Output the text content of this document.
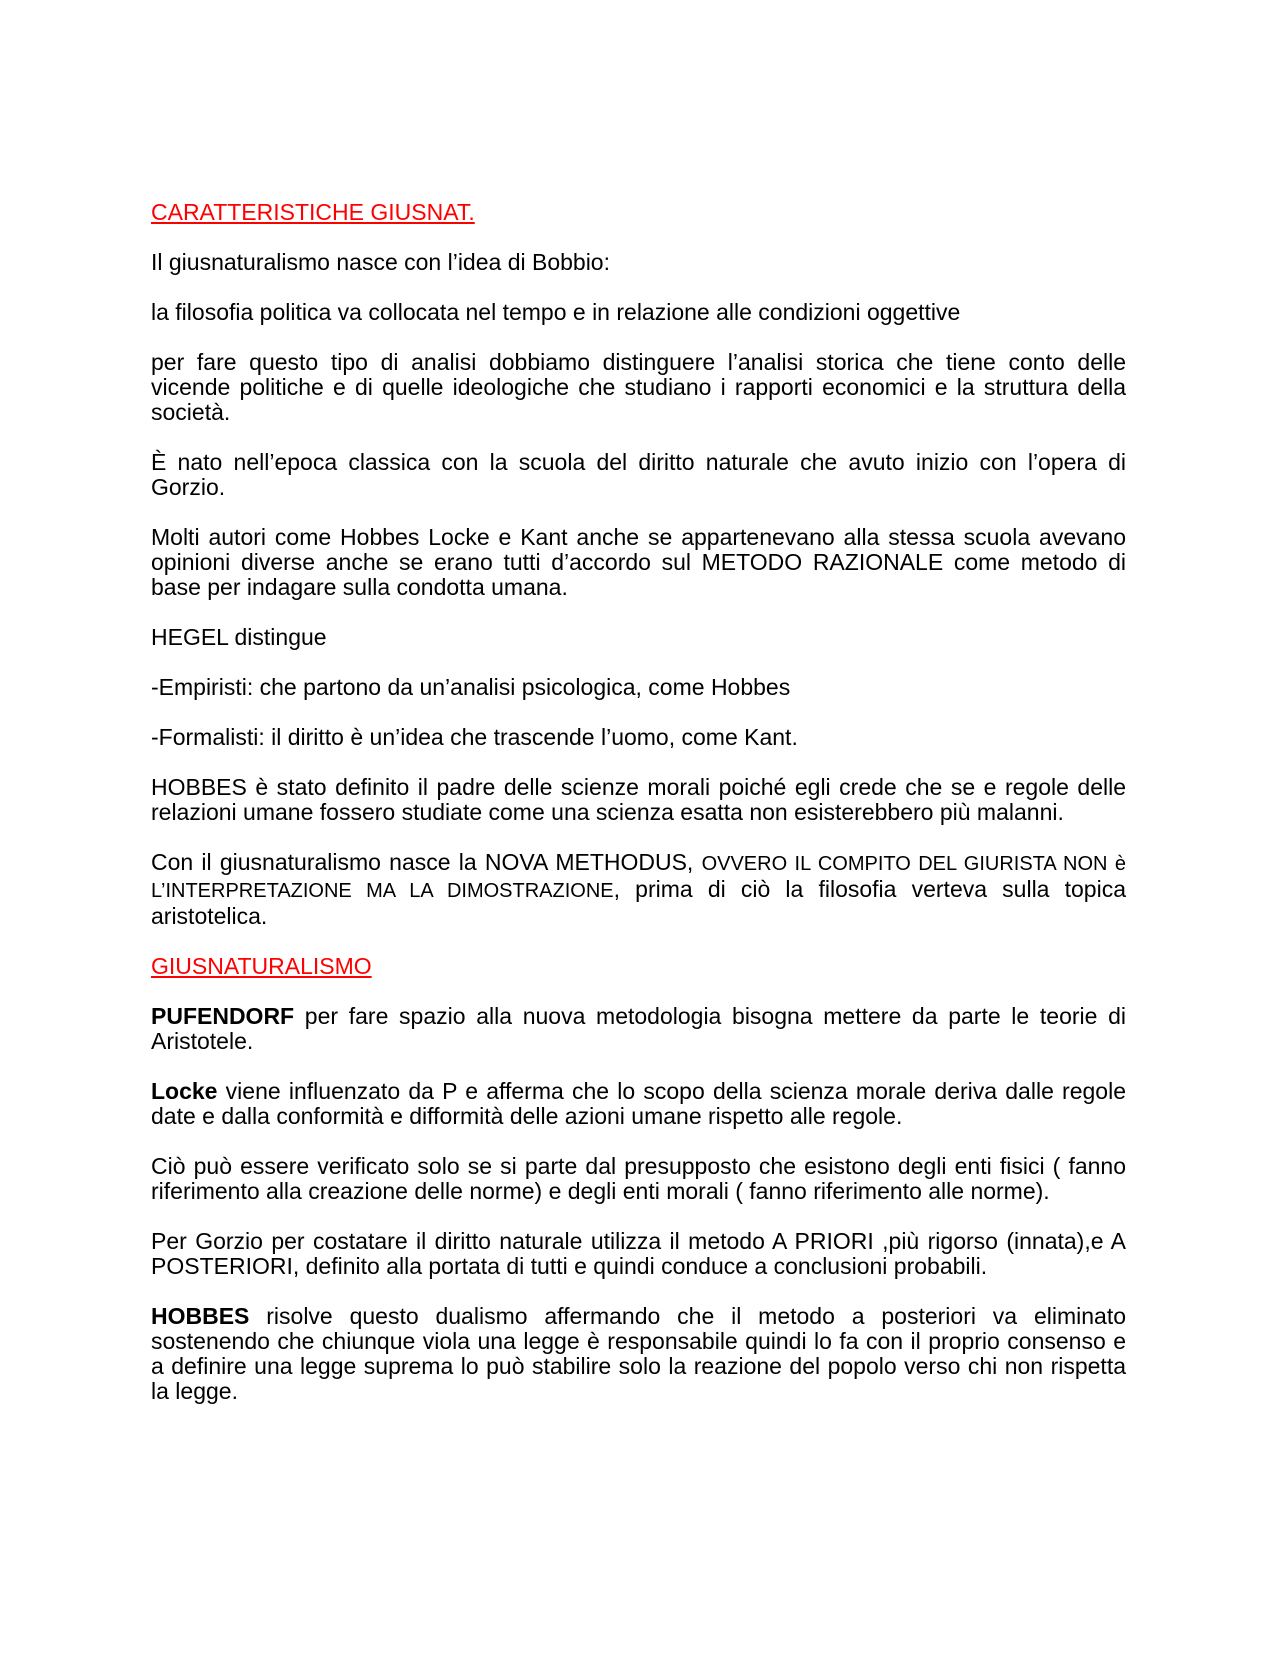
CARATTERISTICHE GIUSNAT.

Il giusnaturalismo nasce con l’idea di Bobbio:

la filosofia politica va collocata nel tempo e in relazione alle condizioni oggettive

per fare questo tipo di analisi dobbiamo distinguere l’analisi storica che tiene conto delle vicende politiche e di quelle ideologiche che studiano i rapporti economici e la struttura della società.

È nato nell’epoca classica con la scuola del diritto naturale che avuto inizio con l’opera di Gorzio.

Molti autori come Hobbes Locke e Kant anche se appartenevano alla stessa scuola avevano opinioni diverse anche se erano tutti d’accordo sul METODO RAZIONALE come metodo di base per indagare sulla condotta umana.

HEGEL distingue

-Empiristi: che partono da un’analisi psicologica, come Hobbes

-Formalisti: il diritto è un’idea che trascende l’uomo, come Kant.

HOBBES è stato definito il padre delle scienze morali poiché egli crede che se e regole delle relazioni umane fossero studiate come una scienza esatta non esisterebbero più malanni.

Con il giusnaturalismo nasce la NOVA METHODUS, OVVERO IL COMPITO DEL GIURISTA NON è L’INTERPRETAZIONE MA LA DIMOSTRAZIONE, prima di ciò la filosofia verteva sulla topica aristotelica.

GIUSNATURALISMO

PUFENDORF per fare spazio alla nuova metodologia bisogna mettere da parte le teorie di Aristotele.

Locke viene influenzato da P e afferma che lo scopo della scienza morale deriva dalle regole date e dalla conformità e difformità delle azioni umane rispetto alle regole.

Ciò può essere verificato solo se si parte dal presupposto che esistono degli enti fisici ( fanno riferimento alla creazione delle norme) e degli enti morali ( fanno riferimento alle norme).

Per Gorzio per costatare il diritto naturale utilizza il metodo A PRIORI ,più rigorso (innata),e A POSTERIORI, definito alla portata di tutti e quindi conduce a conclusioni probabili.

HOBBES risolve questo dualismo affermando che il metodo a posteriori va eliminato sostenendo che chiunque viola una legge è responsabile quindi lo fa con il proprio consenso e a definire una legge suprema lo può stabilire solo la reazione del popolo verso chi non rispetta la legge.
